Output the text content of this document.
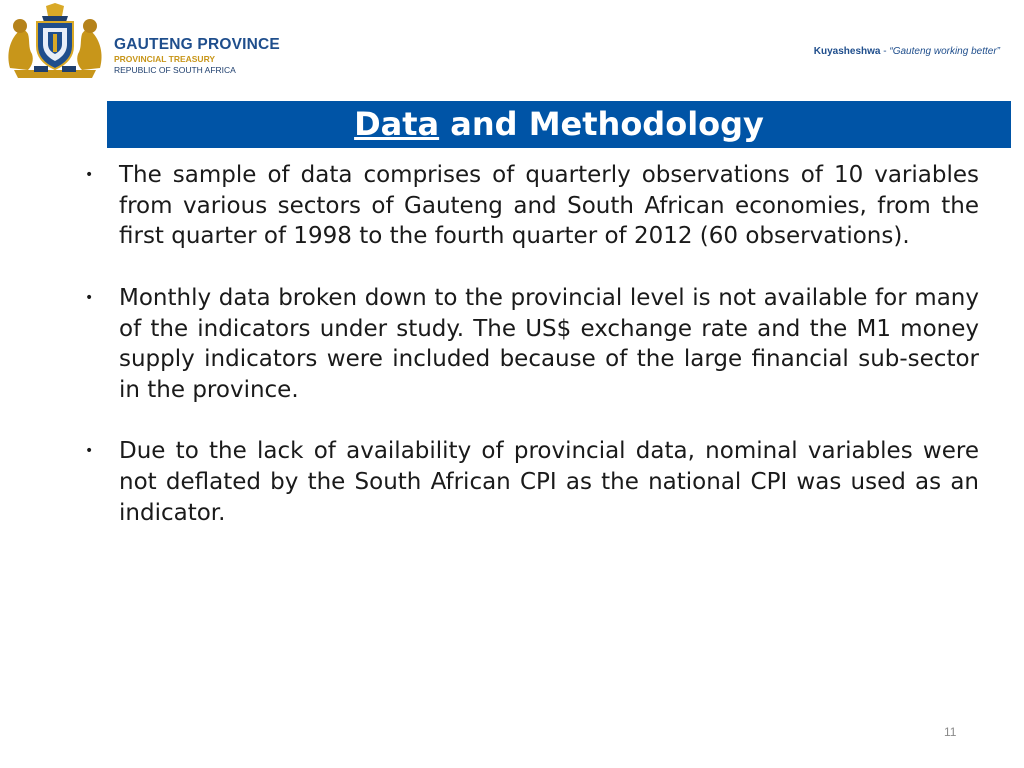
GAUTENG PROVINCE
PROVINCIAL TREASURY
REPUBLIC OF SOUTH AFRICA
Kuyasheshwa - “Gauteng working better”
Data and Methodology
•	The sample of data comprises of quarterly observations of 10 variables from various sectors of Gauteng and South African economies, from the first quarter of 1998 to the fourth quarter of 2012 (60 observations).
•	Monthly data broken down to the provincial level is not available for many of the indicators under study. The US$ exchange rate and the M1 money supply indicators were included because of the large financial sub-sector in the province.
•	Due to the lack of availability of provincial data, nominal variables were not deflated by the South African CPI as the national CPI was used as an indicator.
11
